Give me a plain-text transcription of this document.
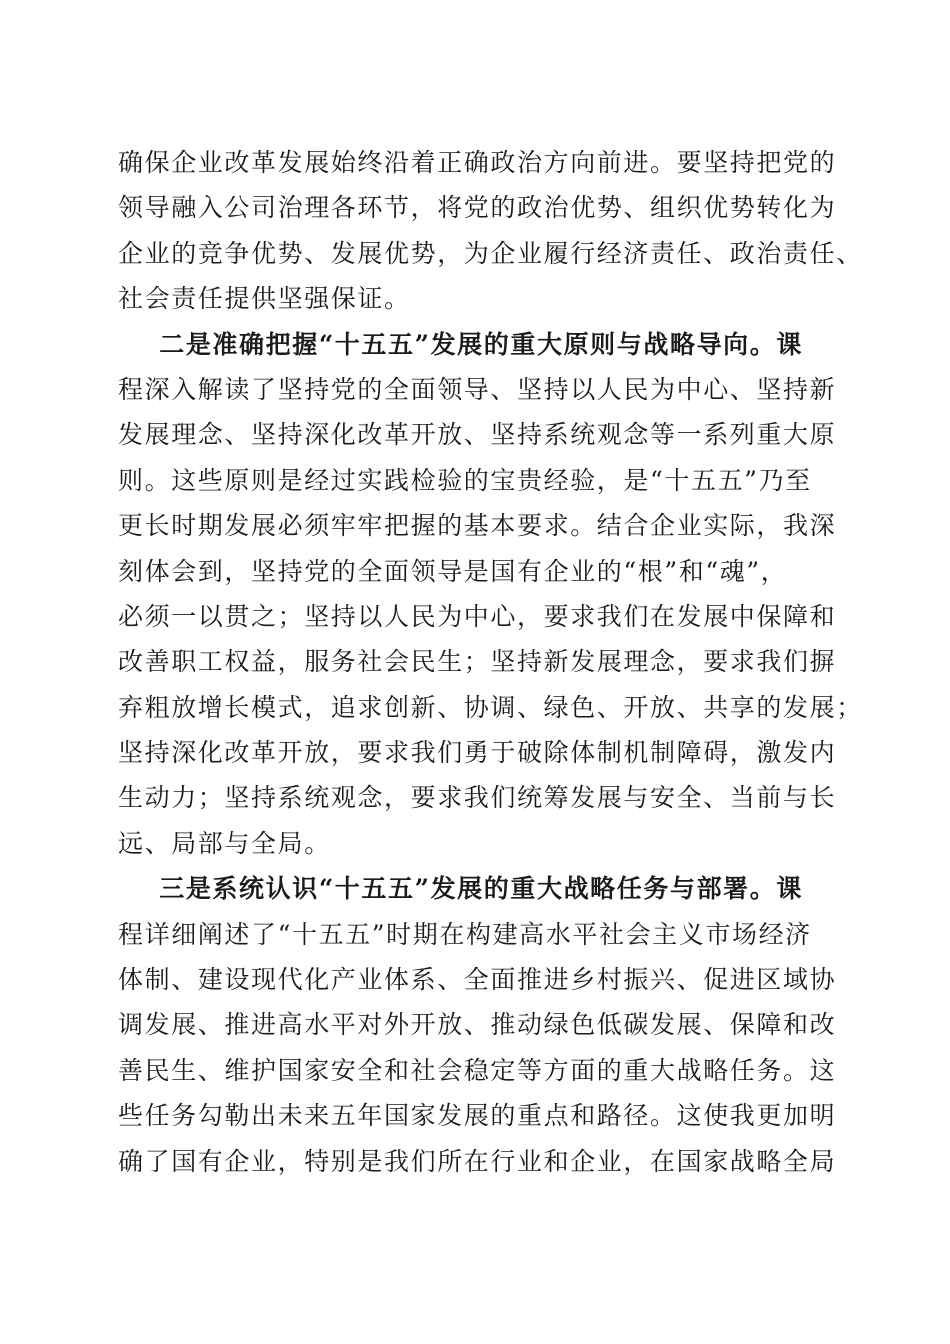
确保企业改革发展始终沿着正确政治方向前进。要坚持把党的
领导融入公司治理各环节，将党的政治优势、组织优势转化为
企业的竞争优势、发展优势，为企业履行经济责任、政治责任、
社会责任提供坚强保证。
二是准确把握“十五五”发展的重大原则与战略导向。课
程深入解读了坚持党的全面领导、坚持以人民为中心、坚持新
发展理念、坚持深化改革开放、坚持系统观念等一系列重大原
则。这些原则是经过实践检验的宝贵经验，是“十五五”乃至
更长时期发展必须牢牢把握的基本要求。结合企业实际，我深
刻体会到，坚持党的全面领导是国有企业的“根”和“魂”，
必须一以贯之；坚持以人民为中心，要求我们在发展中保障和
改善职工权益，服务社会民生；坚持新发展理念，要求我们摒
弃粗放增长模式，追求创新、协调、绿色、开放、共享的发展；
坚持深化改革开放，要求我们勇于破除体制机制障碍，激发内
生动力；坚持系统观念，要求我们统筹发展与安全、当前与长
远、局部与全局。
三是系统认识“十五五”发展的重大战略任务与部署。课
程详细阐述了“十五五”时期在构建高水平社会主义市场经济
体制、建设现代化产业体系、全面推进乡村振兴、促进区域协
调发展、推进高水平对外开放、推动绿色低碳发展、保障和改
善民生、维护国家安全和社会稳定等方面的重大战略任务。这
些任务勾勒出未来五年国家发展的重点和路径。这使我更加明
确了国有企业，特别是我们所在行业和企业，在国家战略全局
